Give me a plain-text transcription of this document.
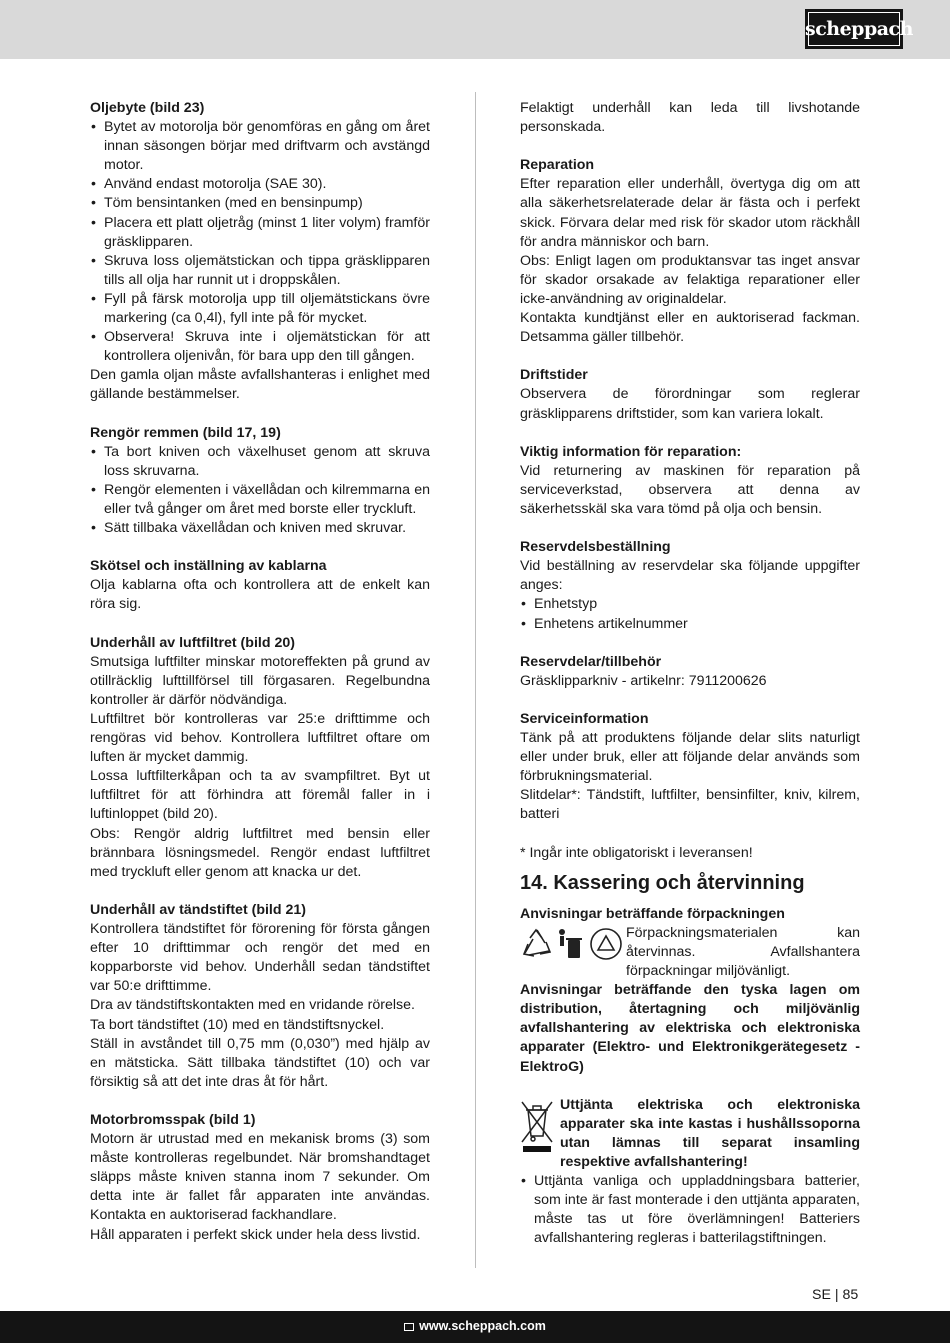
scheppach
Oljebyte (bild 23)
• Bytet av motorolja bör genomföras en gång om året innan säsongen börjar med driftvarm och avstängd motor.
• Använd endast motorolja (SAE 30).
• Töm bensintanken (med en bensinpump)
• Placera ett platt oljetråg (minst 1 liter volym) framför gräsklipparen.
• Skruva loss oljemätstickan och tippa gräsklipparen tills all olja har runnit ut i droppskålen.
• Fyll på färsk motorolja upp till oljemätstickans övre markering (ca 0,4l), fyll inte på för mycket.
• Observera! Skruva inte i oljemätstickan för att kontrollera oljenivån, för bara upp den till gången.

Den gamla oljan måste avfallshanteras i enlighet med gällande bestämmelser.

Rengör remmen (bild 17, 19)
• Ta bort kniven och växelhuset genom att skruva loss skruvarna.
• Rengör elementen i växellådan och kilremmarna en eller två gånger om året med borste eller tryckluft.
• Sätt tillbaka växellådan och kniven med skruvar.
Skötsel och inställning av kablarna

Olja kablarna ofta och kontrollera att de enkelt kan röra sig.

Underhåll av luftfiltret (bild 20)

Smutsiga luftfilter minskar motoreffekten på grund av otillräcklig lufttillförsel till förgasaren. Regelbundna kontroller är därför nödvändiga.

Luftfiltret bör kontrolleras var 25:e drifttimme och rengöras vid behov. Kontrollera luftfiltret oftare om luften är mycket dammig.

Lossa luftfilterkåpan och ta av svampfiltret. Byt ut luftfiltret för att förhindra att föremål faller in i luftinloppet (bild 20).

Obs: Rengör aldrig luftfiltret med bensin eller brännbara lösningsmedel. Rengör endast luftfiltret med tryckluft eller genom att knacka ur det.

Underhåll av tändstiftet (bild 21)

Kontrollera tändstiftet för förorening för första gången efter 10 drifttimmar och rengör det med en kopparborste vid behov. Underhåll sedan tändstiftet var 50:e drifttimme.

Dra av tändstiftskontakten med en vridande rörelse.

Ta bort tändstiftet (10) med en tändstiftsnyckel.

Ställ in avståndet till 0,75 mm (0,030”) med hjälp av en mätsticka. Sätt tillbaka tändstiftet (10) och var försiktig så att det inte dras åt för hårt.

Motorbromsspak (bild 1)

Motorn är utrustad med en mekanisk broms (3) som måste kontrolleras regelbundet. När bromshandtaget släpps måste kniven stanna inom 7 sekunder. Om detta inte är fallet får apparaten inte användas. Kontakta en auktoriserad fackhandlare.

Håll apparaten i perfekt skick under hela dess livstid.

Felaktigt underhåll kan leda till livshotande personskada.

Reparation

Efter reparation eller underhåll, övertyga dig om att alla säkerhetsrelaterade delar är fästa och i perfekt skick. Förvara delar med risk för skador utom räckhåll för andra människor och barn.

Obs: Enligt lagen om produktansvar tas inget ansvar för skador orsakade av felaktiga reparationer eller icke-användning av originaldelar.

Kontakta kundtjänst eller en auktoriserad fackman. Detsamma gäller tillbehör.

Driftstider

Observera de förordningar som reglerar gräsklipparens driftstider, som kan variera lokalt.

Viktig information för reparation:

Vid returnering av maskinen för reparation på serviceverkstad, observera att denna av säkerhetsskäl ska vara tömd på olja och bensin.

Reservdelsbeställning

Vid beställning av reservdelar ska följande uppgifter anges:

• Enhetstyp
• Enhetens artikelnummer
Reservdelar/tillbehör

Gräsklipparkniv - artikelnr: 7911200626

Serviceinformation

Tänk på att produktens följande delar slits naturligt eller under bruk, eller att följande delar används som förbrukningsmaterial.

Slitdelar*: Tändstift, luftfilter, bensinfilter, kniv, kilrem, batteri

* Ingår inte obligatoriskt i leveransen!

14. Kassering och återvinning
Anvisningar beträffande förpackningen

Förpackningsmaterialen kan återvinnas. Avfallshantera förpackningar miljövänligt.

Anvisningar beträffande den tyska lagen om distribution, återtagning och miljövänlig avfallshantering av elektriska och elektroniska apparater (Elektro- und Elektronikgerätegesetz - ElektroG)

Uttjänta elektriska och elektroniska apparater ska inte kastas i hushållssoporna utan lämnas till separat insamling respektive avfallshantering!

• Uttjänta vanliga och uppladdningsbara batterier, som inte är fast monterade i den uttjänta apparaten, måste tas ut före överlämningen! Batteriers avfallshantering regleras i batterilagstiftningen.
SE | 85
www.scheppach.com
